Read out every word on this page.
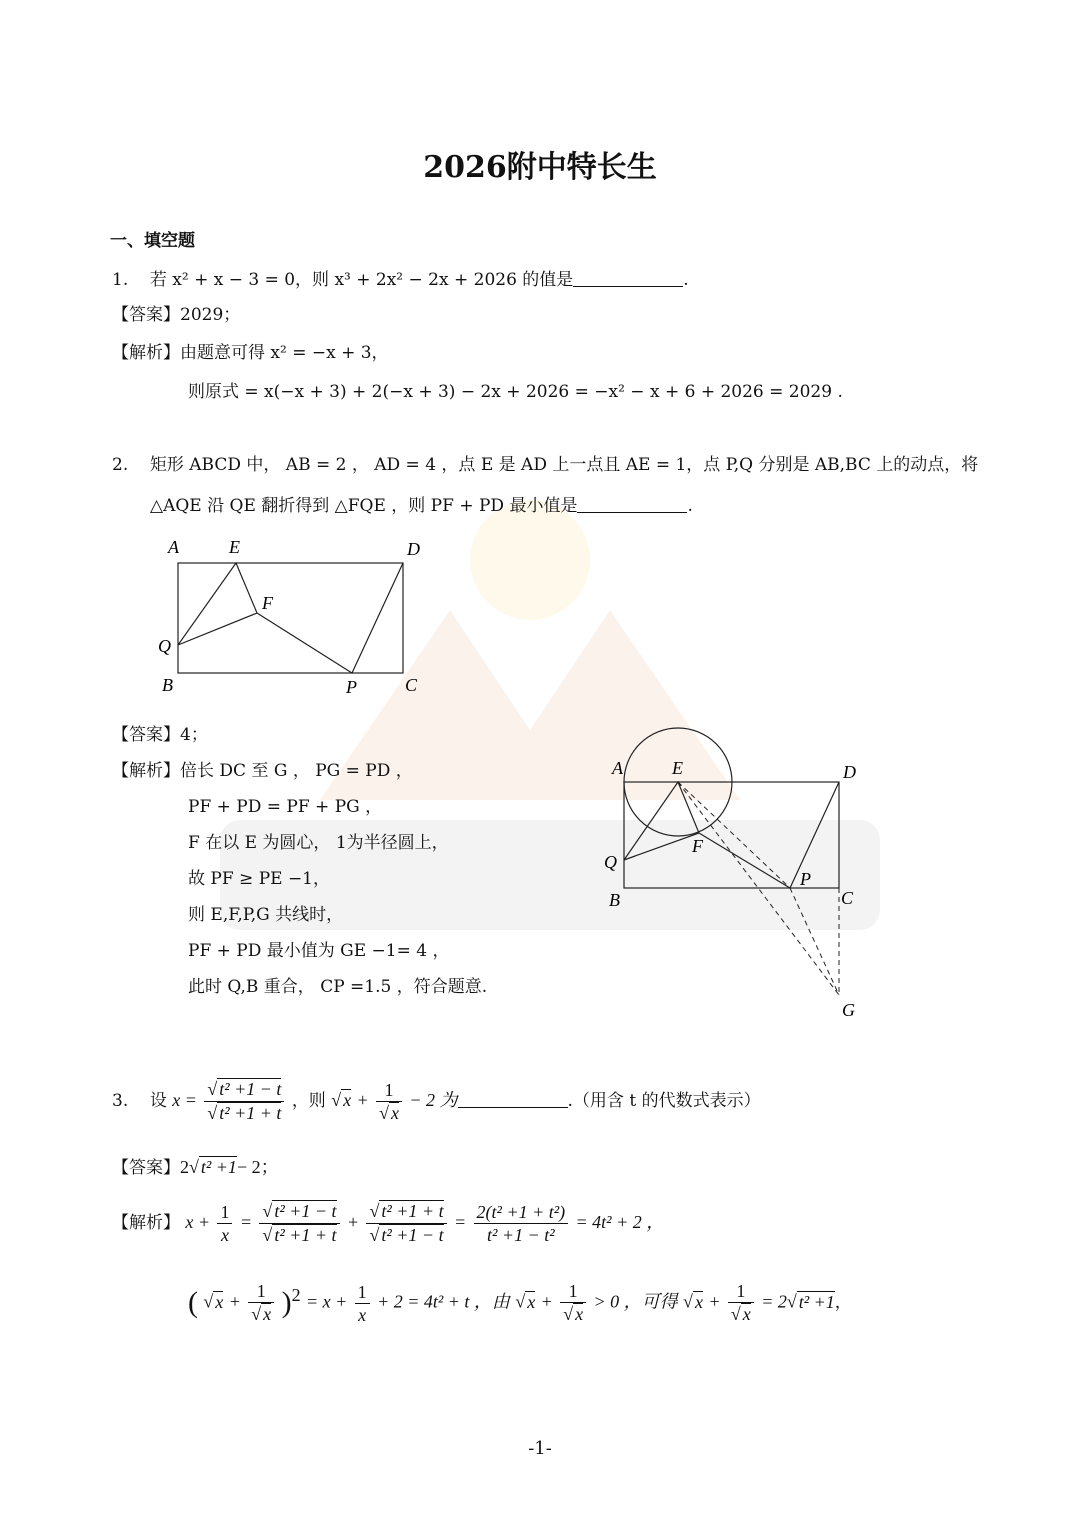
2026附中特长生
一、填空题
1. 若 x² + x − 3 = 0，则 x³ + 2x² − 2x + 2026 的值是	.
【答案】2029；
【解析】由题意可得 x² = −x + 3，
则原式 = x(−x + 3) + 2(−x + 3) − 2x + 2026 = −x² − x + 6 + 2026 = 2029 .
2. 矩形 ABCD 中， AB = 2 ， AD = 4 ，点 E 是 AD 上一点且 AE = 1，点 P,Q 分别是 AB,BC 上的动点，将
△AQE 沿 QE 翻折得到 △FQE ，则 PF + PD 最小值是	.
A	E	D
F
Q
B	P	C
【答案】4；
【解析】倍长 DC 至 G ， PG = PD ，
PF + PD = PF + PG ，
F 在以 E 为圆心， 1为半径圆上，
故 PF ≥ PE −1，
则 E,F,P,G 共线时，
PF + PD 最小值为 GE −1= 4 ，
此时 Q,B 重合， CP =1.5 ，符合题意.
A	E	D
F
Q
B
P
C
G
3. 设 $x = \frac{\text{√ t² +1 − t}}{\text{√ t² +1 + t}}$ ，则 √ $x + \frac{1}{√ x} - 2$ 为	.（用含 t 的代数式表示）
【答案】2√ t² +1− 2；
【解析】 $x + \frac{1}{x} = \frac{\text{√ t² +1 − t}}{\text{√ t² +1 + t}} + \frac{\text{√ t² +1 + t}}{\text{√ t² +1 − t}} = \frac{\text{2(t² +1 + t²)}}{\text{t² +1 − t²}} = 4t^2 + 2$ ，
( √ $x + \frac{1}{√ x} )^2 = x + \frac{1}{x} + 2 = 4t^2 + t$ ，由 √ $x + \frac{1}{√ x} > 0$ ，可得 √ $x + \frac{1}{√ x} = 2√$ t² +1，
-1-
